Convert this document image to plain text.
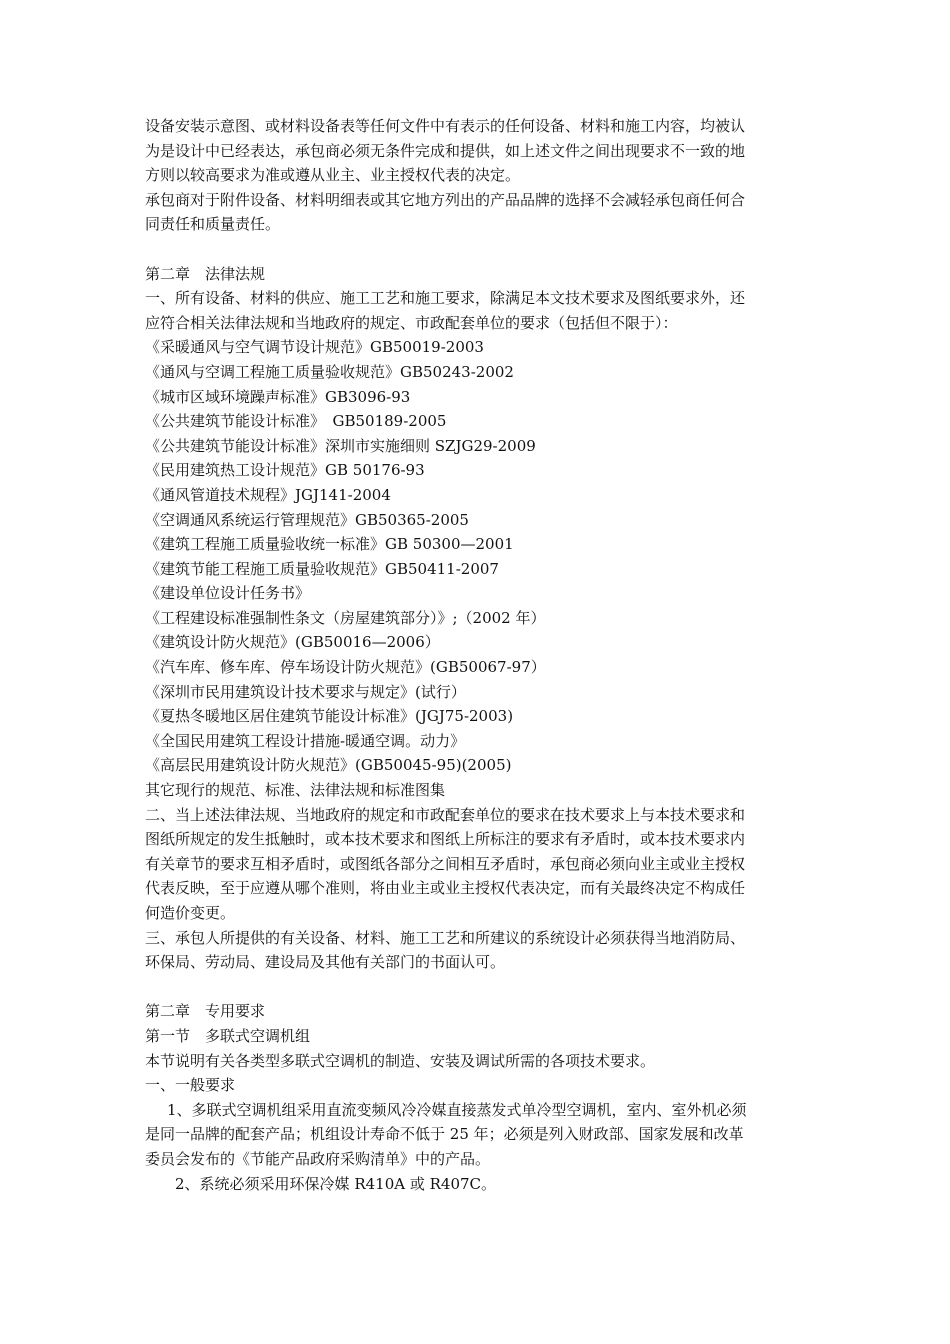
设备安装示意图、或材料设备表等任何文件中有表示的任何设备、材料和施工内容，均被认
为是设计中已经表达，承包商必须无条件完成和提供，如上述文件之间出现要求不一致的地
方则以较高要求为准或遵从业主、业主授权代表的决定。
承包商对于附件设备、材料明细表或其它地方列出的产品品牌的选择不会减轻承包商任何合
同责任和质量责任。
第二章　法律法规
一、所有设备、材料的供应、施工工艺和施工要求，除满足本文技术要求及图纸要求外，还
应符合相关法律法规和当地政府的规定、市政配套单位的要求（包括但不限于）：
《采暖通风与空气调节设计规范》GB50019-2003
《通风与空调工程施工质量验收规范》GB50243-2002
《城市区域环境躁声标准》GB3096-93
《公共建筑节能设计标准》　GB50189-2005
《公共建筑节能设计标准》深圳市实施细则 SZJG29-2009
《民用建筑热工设计规范》GB 50176-93
《通风管道技术规程》JGJ141-2004
《空调通风系统运行管理规范》GB50365-2005
《建筑工程施工质量验收统一标准》GB 50300—2001
《建筑节能工程施工质量验收规范》GB50411-2007
《建设单位设计任务书》
《工程建设标准强制性条文（房屋建筑部分）》;（2002 年）
《建筑设计防火规范》(GB50016—2006）
《汽车库、修车库、停车场设计防火规范》(GB50067-97）
《深圳市民用建筑设计技术要求与规定》(试行）
《夏热冬暖地区居住建筑节能设计标准》(JGJ75-2003)
《全国民用建筑工程设计措施-暖通空调。动力》
《高层民用建筑设计防火规范》(GB50045-95)(2005)
其它现行的规范、标准、法律法规和标准图集
二、当上述法律法规、当地政府的规定和市政配套单位的要求在技术要求上与本技术要求和
图纸所规定的发生抵触时，或本技术要求和图纸上所标注的要求有矛盾时，或本技术要求内
有关章节的要求互相矛盾时，或图纸各部分之间相互矛盾时，承包商必须向业主或业主授权
代表反映，至于应遵从哪个准则，将由业主或业主授权代表决定，而有关最终决定不构成任
何造价变更。
三、承包人所提供的有关设备、材料、施工工艺和所建议的系统设计必须获得当地消防局、
环保局、劳动局、建设局及其他有关部门的书面认可。
第二章　专用要求
第一节　多联式空调机组
本节说明有关各类型多联式空调机的制造、安装及调试所需的各项技术要求。
一、一般要求
1、多联式空调机组采用直流变频风冷冷媒直接蒸发式单冷型空调机，室内、室外机必须
是同一品牌的配套产品；机组设计寿命不低于 25 年；必须是列入财政部、国家发展和改革
委员会发布的《节能产品政府采购清单》中的产品。
2、系统必须采用环保冷媒 R410A 或 R407C。
